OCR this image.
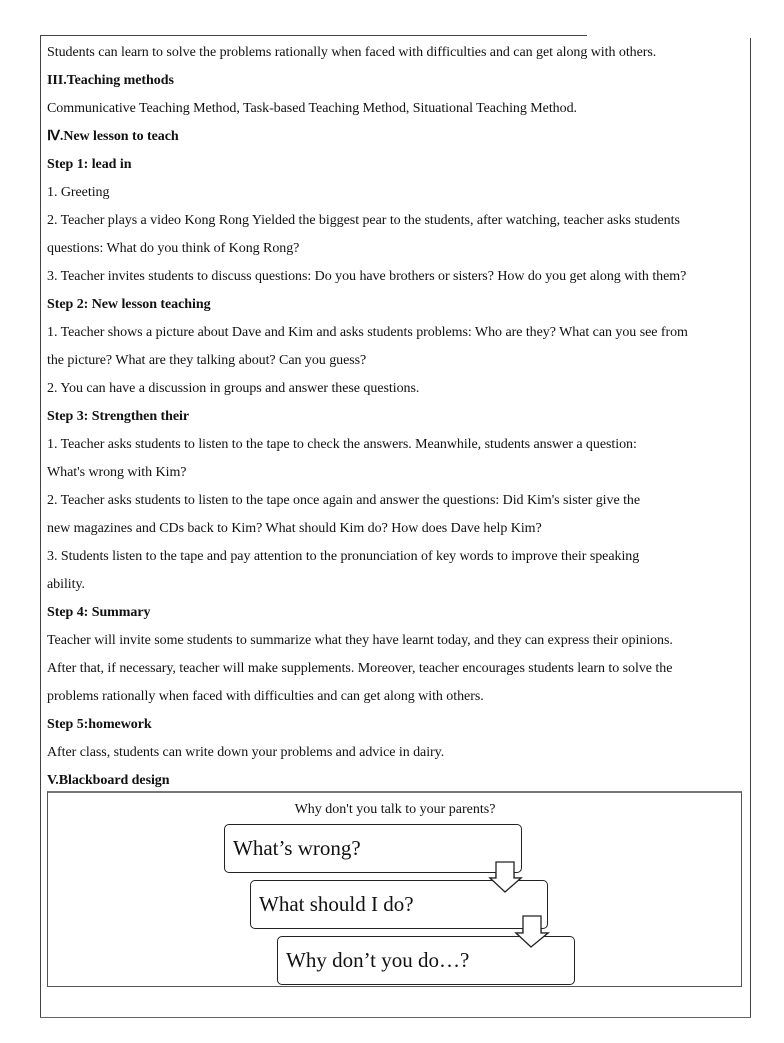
Students can learn to solve the problems rationally when faced with difficulties and can get along with others.
III.Teaching methods
Communicative Teaching Method, Task-based Teaching Method, Situational Teaching Method.
Ⅳ.New lesson to teach
Step 1: lead in
1. Greeting
2. Teacher plays a video Kong Rong Yielded the biggest pear to the students, after watching, teacher asks students
questions: What do you think of Kong Rong?
3. Teacher invites students to discuss questions: Do you have brothers or sisters? How do you get along with them?
Step 2: New lesson teaching
1. Teacher shows a picture about Dave and Kim and asks students problems: Who are they? What can you see from
the picture? What are they talking about? Can you guess?
2. You can have a discussion in groups and answer these questions.
Step 3: Strengthen their
1. Teacher asks students to listen to the tape to check the answers. Meanwhile, students answer a question:
What's wrong with Kim?
2. Teacher asks students to listen to the tape once again and answer the questions: Did Kim's sister give the
new magazines and CDs back to Kim? What should Kim do? How does Dave help Kim?
3. Students listen to the tape and pay attention to the pronunciation of key words to improve their speaking
ability.
Step 4: Summary
Teacher will invite some students to summarize what they have learnt today, and they can express their opinions.
After that, if necessary, teacher will make supplements. Moreover, teacher encourages students learn to solve the
problems rationally when faced with difficulties and can get along with others.
Step 5:homework
After class, students can write down your problems and advice in dairy.
V.Blackboard design
Why don't you talk to your parents?
What’s wrong?
What should I do?
Why don’t you do…?
